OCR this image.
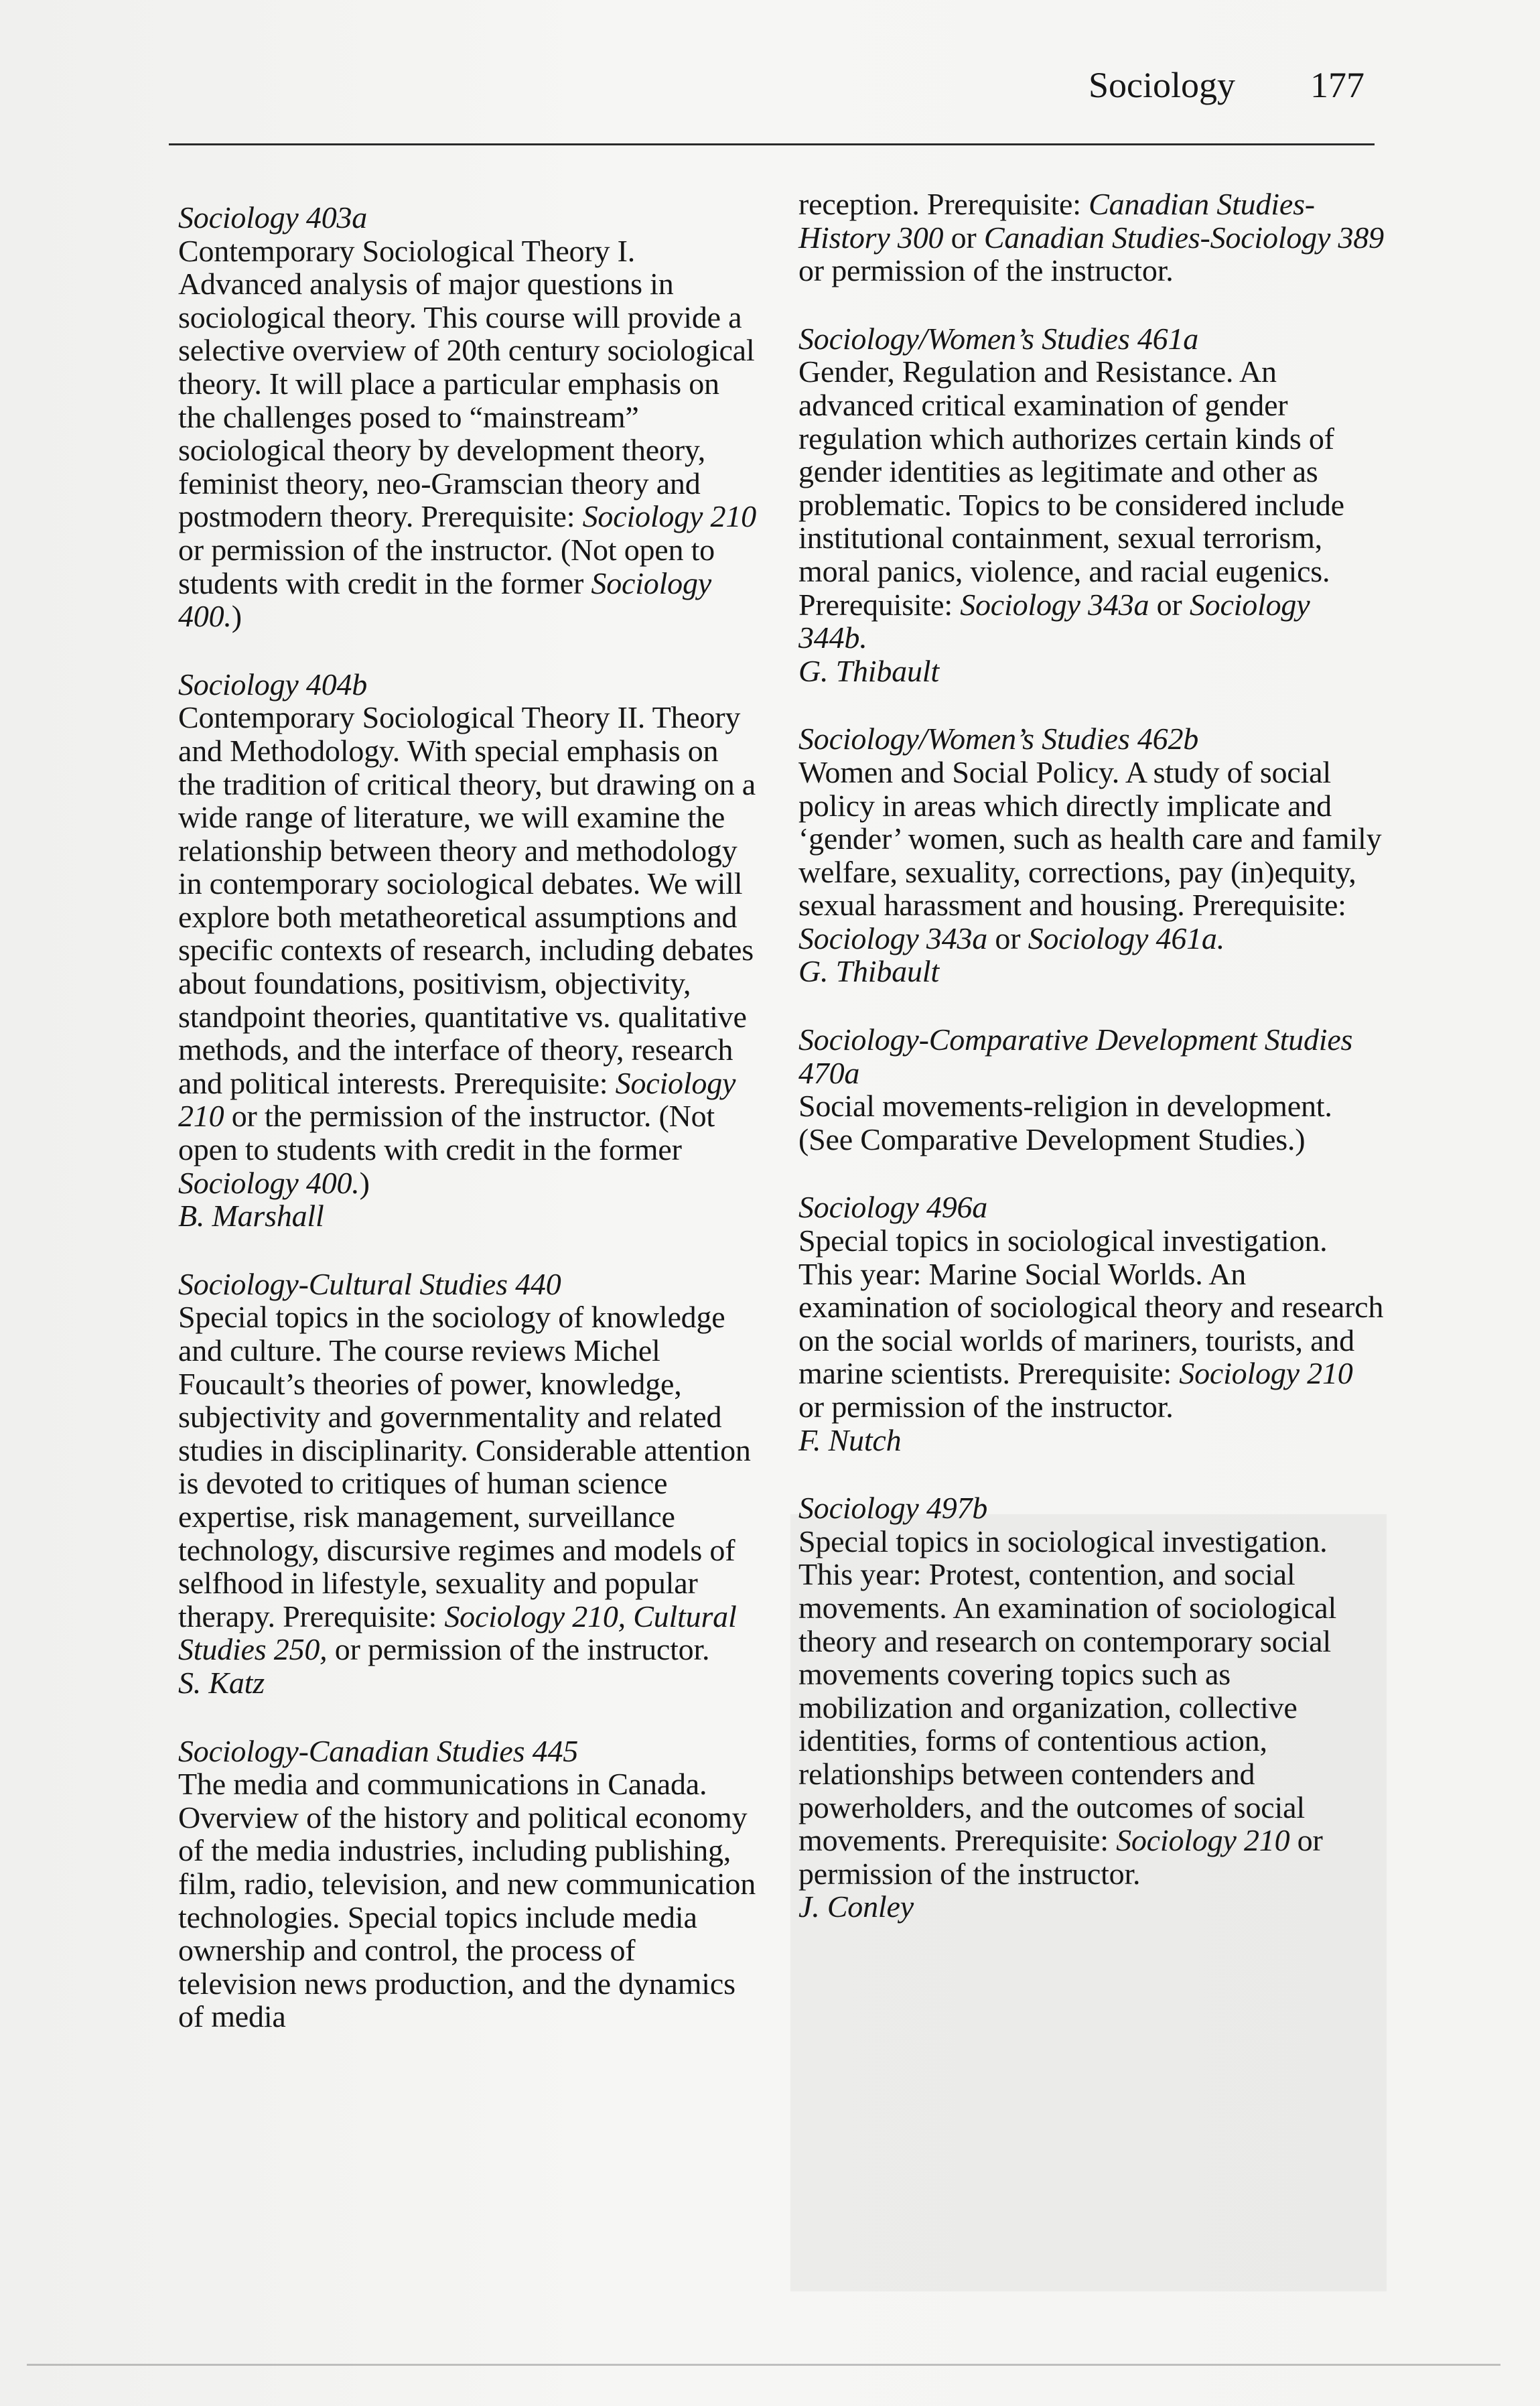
Sociology 177
Sociology 403a
Contemporary Sociological Theory I. Advanced analysis of major questions in sociological theory. This course will provide a selective overview of 20th century sociological theory. It will place a particular emphasis on the challenges posed to “mainstream” sociological theory by development theory, feminist theory, neo-Gramscian theory and postmodern theory. Prerequisite: Sociology 210 or permission of the instructor. (Not open to students with credit in the former Sociology 400.)
Sociology 404b
Contemporary Sociological Theory II. Theory and Methodology. With special emphasis on the tradition of critical theory, but drawing on a wide range of literature, we will examine the relationship between theory and methodology in contemporary sociological debates. We will explore both metatheoretical assumptions and specific contexts of research, including debates about foundations, positivism, objectivity, standpoint theories, quantitative vs. qualitative methods, and the interface of theory, research and political interests. Prerequisite: Sociology 210 or the permission of the instructor. (Not open to students with credit in the former Sociology 400.)
B. Marshall
Sociology-Cultural Studies 440
Special topics in the sociology of knowledge and culture. The course reviews Michel Foucault’s theories of power, knowledge, subjectivity and governmentality and related studies in disciplinarity. Considerable attention is devoted to critiques of human science expertise, risk management, surveillance technology, discursive regimes and models of selfhood in lifestyle, sexuality and popular therapy. Prerequisite: Sociology 210, Cultural Studies 250, or permission of the instructor.
S. Katz
Sociology-Canadian Studies 445
The media and communications in Canada. Overview of the history and political economy of the media industries, including publishing, film, radio, television, and new communication technologies. Special topics include media ownership and control, the process of television news production, and the dynamics of media
reception. Prerequisite: Canadian Studies-History 300 or Canadian Studies-Sociology 389 or permission of the instructor.
Sociology/Women’s Studies 461a
Gender, Regulation and Resistance. An advanced critical examination of gender regulation which authorizes certain kinds of gender identities as legitimate and other as problematic. Topics to be considered include institutional containment, sexual terrorism, moral panics, violence, and racial eugenics. Prerequisite: Sociology 343a or Sociology 344b.
G. Thibault
Sociology/Women’s Studies 462b
Women and Social Policy. A study of social policy in areas which directly implicate and ‘gender’ women, such as health care and family welfare, sexuality, corrections, pay (in)equity, sexual harassment and housing. Prerequisite: Sociology 343a or Sociology 461a.
G. Thibault
Sociology-Comparative Development Studies 470a
Social movements-religion in development. (See Comparative Development Studies.)
Sociology 496a
Special topics in sociological investigation. This year: Marine Social Worlds. An examination of sociological theory and research on the social worlds of mariners, tourists, and marine scientists. Prerequisite: Sociology 210 or permission of the instructor.
F. Nutch
Sociology 497b
Special topics in sociological investigation. This year: Protest, contention, and social movements. An examination of sociological theory and research on contemporary social movements covering topics such as mobilization and organization, collective identities, forms of contentious action, relationships between contenders and powerholders, and the outcomes of social movements. Prerequisite: Sociology 210 or permission of the instructor.
J. Conley
